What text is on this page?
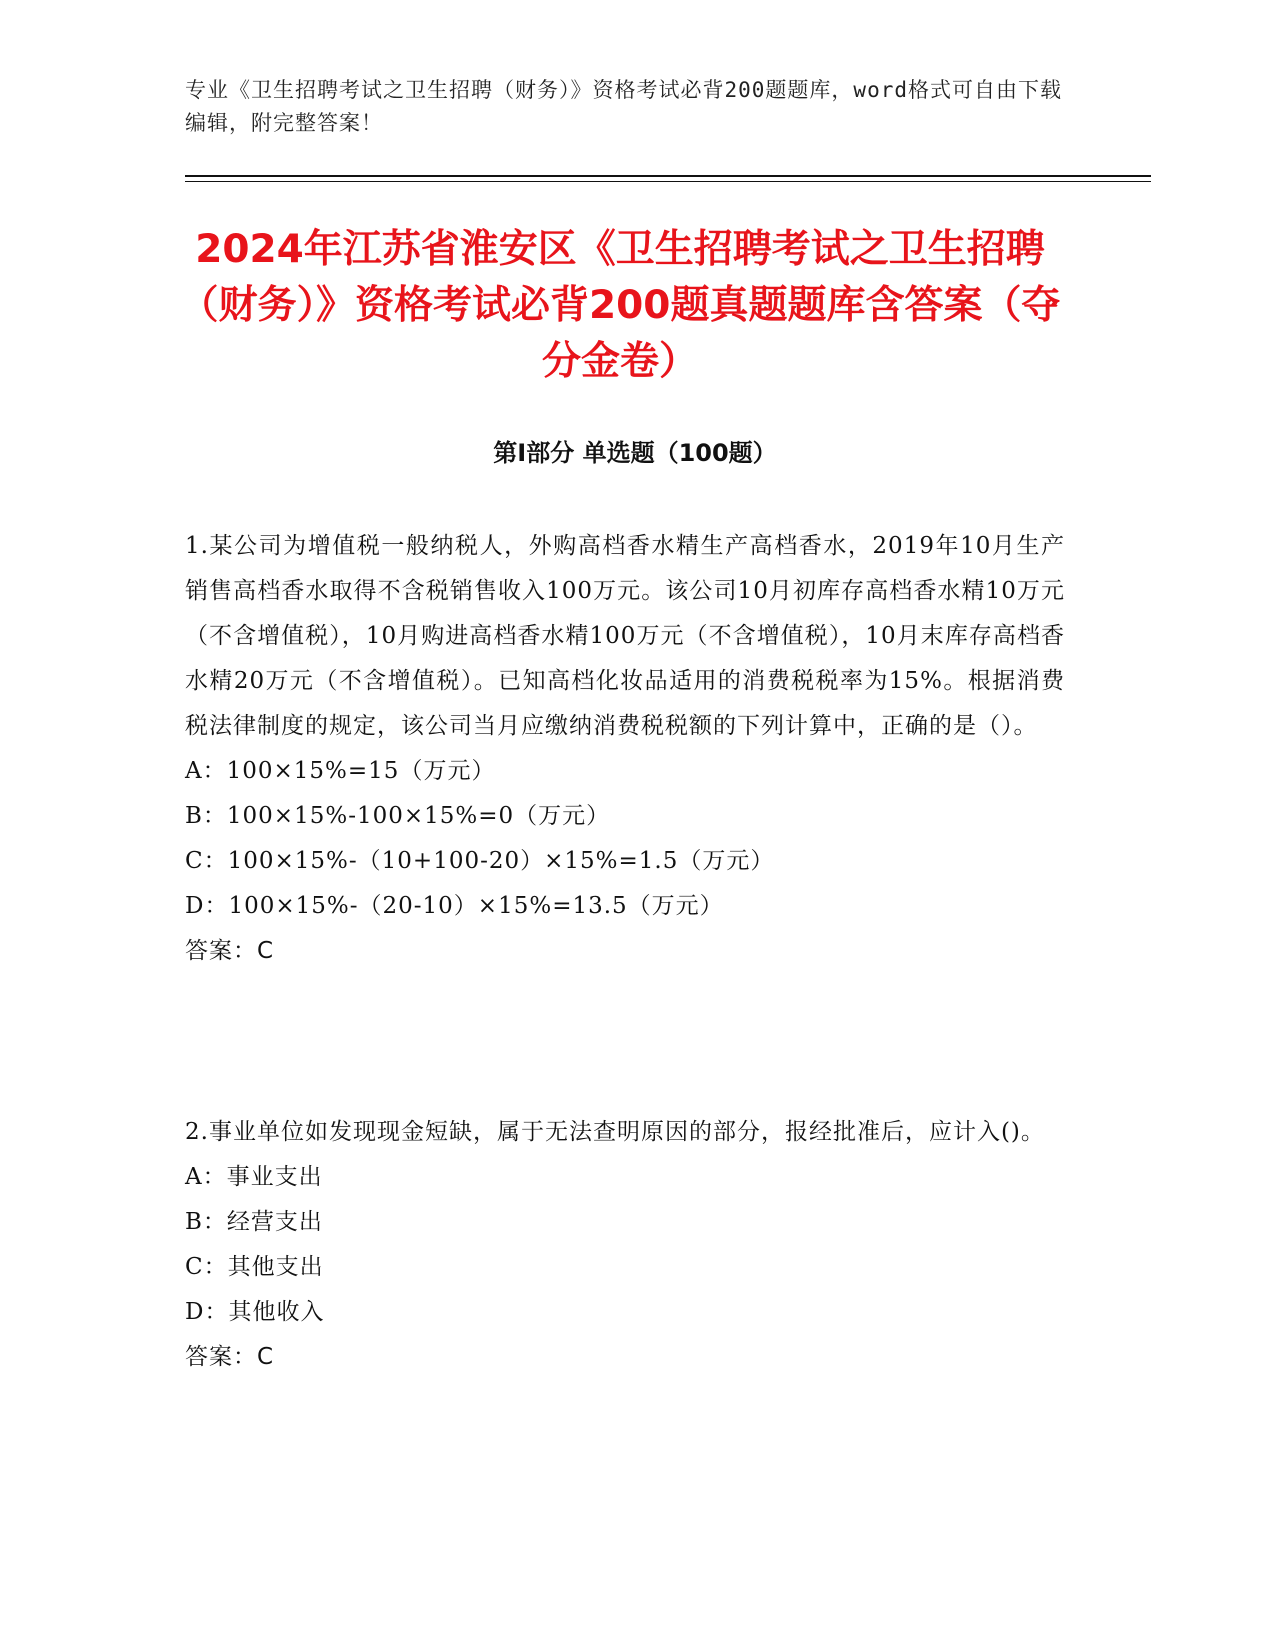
专业《卫生招聘考试之卫生招聘（财务）》资格考试必背200题题库，word格式可自由下载编辑，附完整答案！
2024年江苏省淮安区《卫生招聘考试之卫生招聘（财务）》资格考试必背200题真题题库含答案（夺分金卷）
第Ⅰ部分 单选题（100题）

1.某公司为增值税一般纳税人，外购高档香水精生产高档香水，2019年10月生产销售高档香水取得不含税销售收入100万元。该公司10月初库存高档香水精10万元（不含增值税），10月购进高档香水精100万元（不含增值税），10月末库存高档香水精20万元（不含增值税）。已知高档化妆品适用的消费税税率为15%。根据消费税法律制度的规定，该公司当月应缴纳消费税税额的下列计算中，正确的是（）。

A：100×15%=15（万元）

B：100×15%-100×15%=0（万元）

C：100×15%-（10+100-20）×15%=1.5（万元）

D：100×15%-（20-10）×15%=13.5（万元）

答案：C

2.事业单位如发现现金短缺，属于无法查明原因的部分，报经批准后，应计入()。

A：事业支出

B：经营支出

C：其他支出

D：其他收入

答案：C
